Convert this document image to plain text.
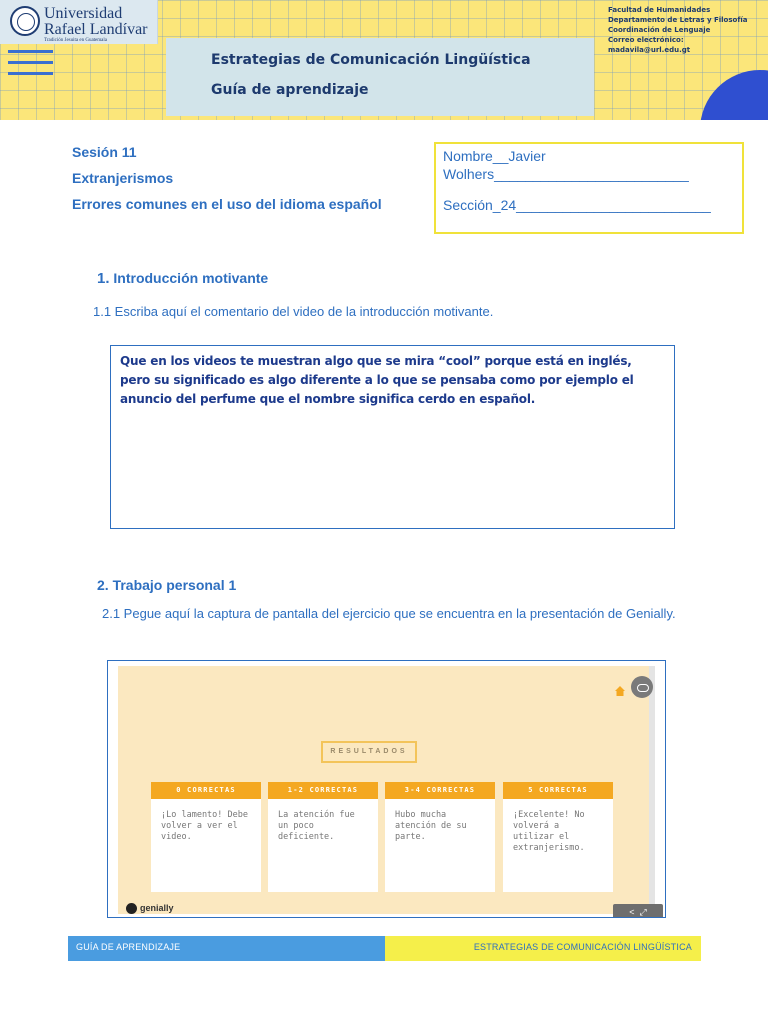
Universidad
Rafael Landívar
Tradición Jesuita en Guatemala
Estrategias de Comunicación Lingüística
Guía de aprendizaje
Facultad de Humanidades
Departamento de Letras y Filosofía
Coordinación de Lenguaje
Correo electrónico: madavila@url.edu.gt
Sesión 11
Extranjerismos
Errores comunes en el uso del idioma español
Nombre__Javier
Wolhers_________________________
Sección_24_________________________
1. Introducción motivante
1.1 Escriba aquí el comentario del video de la introducción motivante.
Que en los videos te muestran algo que se mira “cool” porque está en inglés, pero su significado es algo diferente a lo que se pensaba como por ejemplo el anuncio del perfume que el nombre significa cerdo en español.
2. Trabajo personal 1
2.1 Pegue aquí la captura de pantalla del ejercicio que se encuentra en la presentación de Genially.
RESULTADOS
0 CORRECTAS
¡Lo lamento! Debe volver a ver el video.
1-2 CORRECTAS
La atención fue un poco deficiente.
3-4 CORRECTAS
Hubo mucha atención de su parte.
5 CORRECTAS
¡Excelente! No volverá a utilizar el extranjerismo.
genially	< ⤢
GUÍA DE APRENDIZAJE	ESTRATEGIAS DE COMUNICACIÓN LINGÜÍSTICA
